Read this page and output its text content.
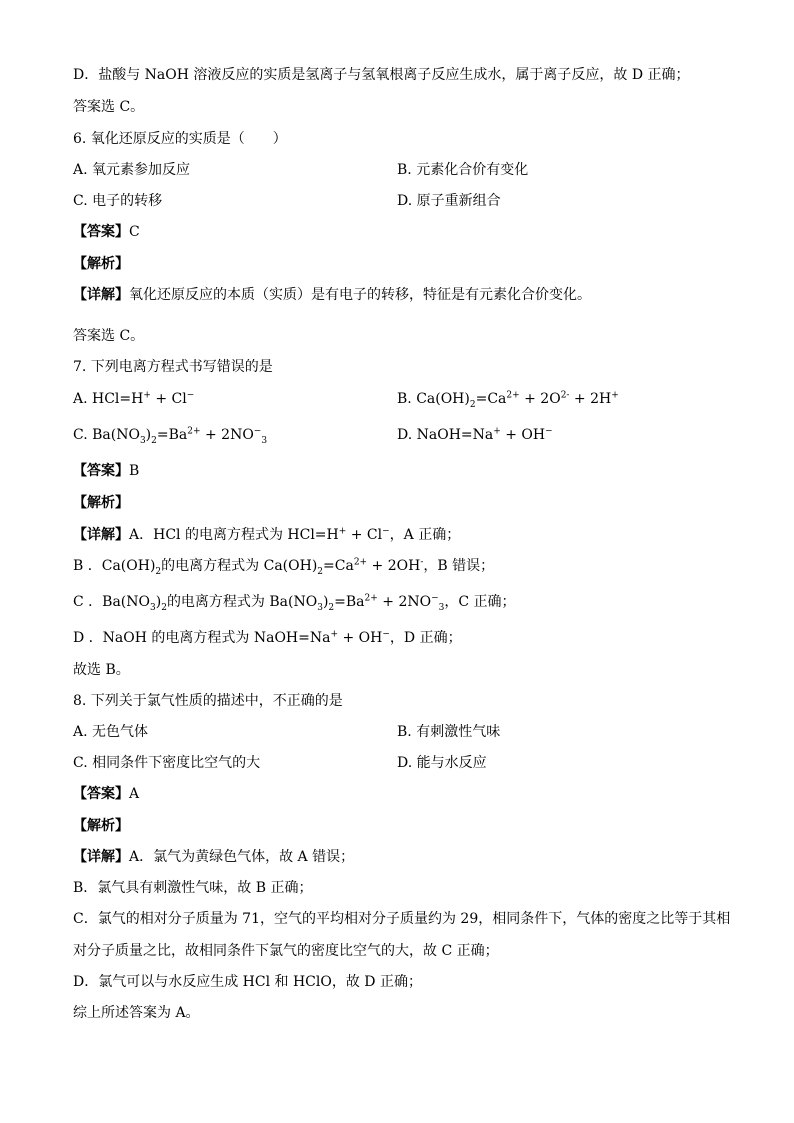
D．盐酸与 NaOH 溶液反应的实质是氢离子与氢氧根离子反应生成水，属于离子反应，故 D 正确；
答案选 C。
6. 氧化还原反应的实质是（　　）
A. 氧元素参加反应	B. 元素化合价有变化
C. 电子的转移	D. 原子重新组合
【答案】C
【解析】
【详解】氧化还原反应的本质（实质）是有电子的转移，特征是有元素化合价变化。
答案选 C。
7. 下列电离方程式书写错误的是
A. HCl=H+ + Cl−	B. $Ca(OH)_2=Ca^{2+} + 2O^{2-} + 2H^+$
C. $Ba(NO_3)_2=Ba^{2+} + 2NO^-_3$	D. NaOH=Na+ + OH−
【答案】B
【解析】
【详解】A．HCl 的电离方程式为 HCl=H+ + Cl−，A 正确；
B ．$Ca(OH)_2$的电离方程式为 $Ca(OH)_2=Ca^{2+} + 2OH^-$，B 错误；
C ．$Ba(NO_3)_2$的电离方程式为 $Ba(NO_3)_2=Ba^{2+} + 2NO^-_3$，C 正确；
D ．NaOH 的电离方程式为 NaOH=Na+ + OH−，D 正确；
故选 B。
8. 下列关于氯气性质的描述中，不正确的是
A. 无色气体	B. 有刺激性气味
C. 相同条件下密度比空气的大	D. 能与水反应
【答案】A
【解析】
【详解】A．氯气为黄绿色气体，故 A 错误；
B．氯气具有刺激性气味，故 B 正确；
C．氯气的相对分子质量为 71，空气的平均相对分子质量约为 29，相同条件下，气体的密度之比等于其相
对分子质量之比，故相同条件下氯气的密度比空气的大，故 C 正确；
D．氯气可以与水反应生成 HCl 和 HClO，故 D 正确；
综上所述答案为 A。
